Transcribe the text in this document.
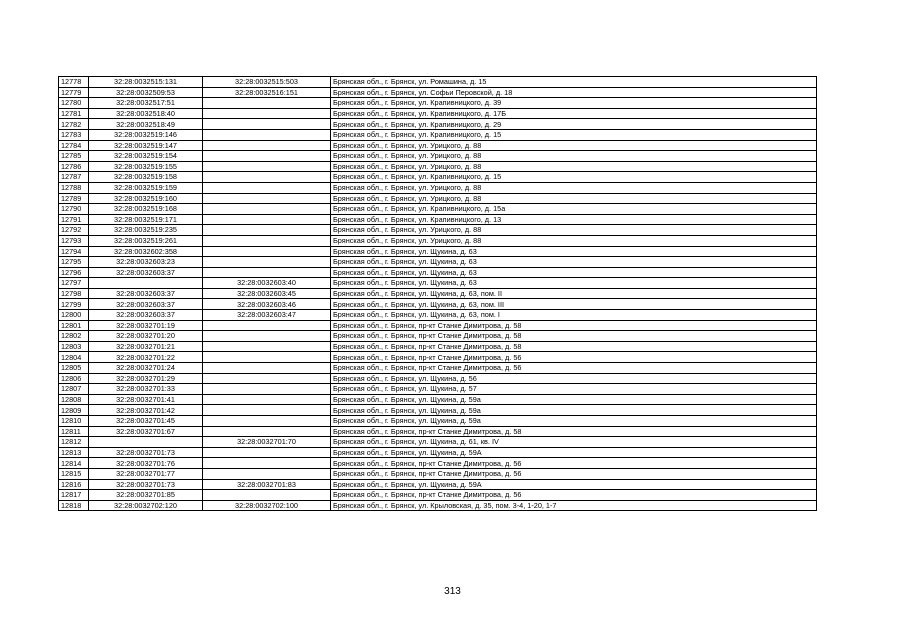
12778	32:28:0032515:131	32:28:0032515:503	Брянская обл., г. Брянск, ул. Ромашина, д. 15
12779	32:28:0032509:53	32:28:0032516:151	Брянская обл., г. Брянск, ул. Софьи Перовской, д. 18
12780	32:28:0032517:51		Брянская обл., г. Брянск, ул. Крапивницкого, д. 39
12781	32:28:0032518:40		Брянская обл., г. Брянск, ул. Крапивницкого, д. 17Б
12782	32:28:0032518:49		Брянская обл., г. Брянск, ул. Крапивницкого, д. 29
12783	32:28:0032519:146		Брянская обл., г. Брянск, ул. Крапивницкого, д. 15
12784	32:28:0032519:147		Брянская обл., г. Брянск, ул. Урицкого, д. 88
12785	32:28:0032519:154		Брянская обл., г. Брянск, ул. Урицкого, д. 88
12786	32:28:0032519:155		Брянская обл., г. Брянск, ул. Урицкого, д. 88
12787	32:28:0032519:158		Брянская обл., г. Брянск, ул. Крапивницкого, д. 15
12788	32:28:0032519:159		Брянская обл., г. Брянск, ул. Урицкого, д. 88
12789	32:28:0032519:160		Брянская обл., г. Брянск, ул. Урицкого, д. 88
12790	32:28:0032519:168		Брянская обл., г. Брянск, ул. Крапивницкого, д. 15а
12791	32:28:0032519:171		Брянская обл., г. Брянск, ул. Крапивницкого, д. 13
12792	32:28:0032519:235		Брянская обл., г. Брянск, ул. Урицкого, д. 88
12793	32:28:0032519:261		Брянская обл., г. Брянск, ул. Урицкого, д. 88
12794	32:28:0032602:358		Брянская обл., г. Брянск, ул. Щукина, д. 63
12795	32:28:0032603:23		Брянская обл., г. Брянск, ул. Щукина, д. 63
12796	32:28:0032603:37		Брянская обл., г. Брянск, ул. Щукина, д. 63
12797		32:28:0032603:40	Брянская обл., г. Брянск, ул. Щукина, д. 63
12798	32:28:0032603:37	32:28:0032603:45	Брянская обл., г. Брянск, ул. Щукина, д. 63, пом. II
12799	32:28:0032603:37	32:28:0032603:46	Брянская обл., г. Брянск, ул. Щукина, д. 63, пом. III
12800	32:28:0032603:37	32:28:0032603:47	Брянская обл., г. Брянск, ул. Щукина, д. 63, пом. I
12801	32:28:0032701:19		Брянская обл., г. Брянск, пр-кт Станке Димитрова, д. 58
12802	32:28:0032701:20		Брянская обл., г. Брянск, пр-кт Станке Димитрова, д. 58
12803	32:28:0032701:21		Брянская обл., г. Брянск, пр-кт Станке Димитрова, д. 58
12804	32:28:0032701:22		Брянская обл., г. Брянск, пр-кт Станке Димитрова, д. 56
12805	32:28:0032701:24		Брянская обл., г. Брянск, пр-кт Станке Димитрова, д. 56
12806	32:28:0032701:29		Брянская обл., г. Брянск, ул. Щукина, д. 56
12807	32:28:0032701:33		Брянская обл., г. Брянск, ул. Щукина, д. 57
12808	32:28:0032701:41		Брянская обл., г. Брянск, ул. Щукина, д. 59а
12809	32:28:0032701:42		Брянская обл., г. Брянск, ул. Щукина, д. 59а
12810	32:28:0032701:45		Брянская обл., г. Брянск, ул. Щукина, д. 59а
12811	32:28:0032701:67		Брянская обл., г. Брянск, пр-кт Станке Димитрова, д. 58
12812		32:28:0032701:70	Брянская обл., г. Брянск, ул. Щукина, д. 61, кв. IV
12813	32:28:0032701:73		Брянская обл., г. Брянск, ул. Щукина, д. 59А
12814	32:28:0032701:76		Брянская обл., г. Брянск, пр-кт Станке Димитрова, д. 56
12815	32:28:0032701:77		Брянская обл., г. Брянск, пр-кт Станке Димитрова, д. 56
12816	32:28:0032701:73	32:28:0032701:83	Брянская обл., г. Брянск, ул. Щукина, д. 59А
12817	32:28:0032701:85		Брянская обл., г. Брянск, пр-кт Станке Димитрова, д. 56
12818	32:28:0032702:120	32:28:0032702:100	Брянская обл., г. Брянск, ул. Крыловская, д. 35, пом. 3-4, 1-20, 1-7
313
